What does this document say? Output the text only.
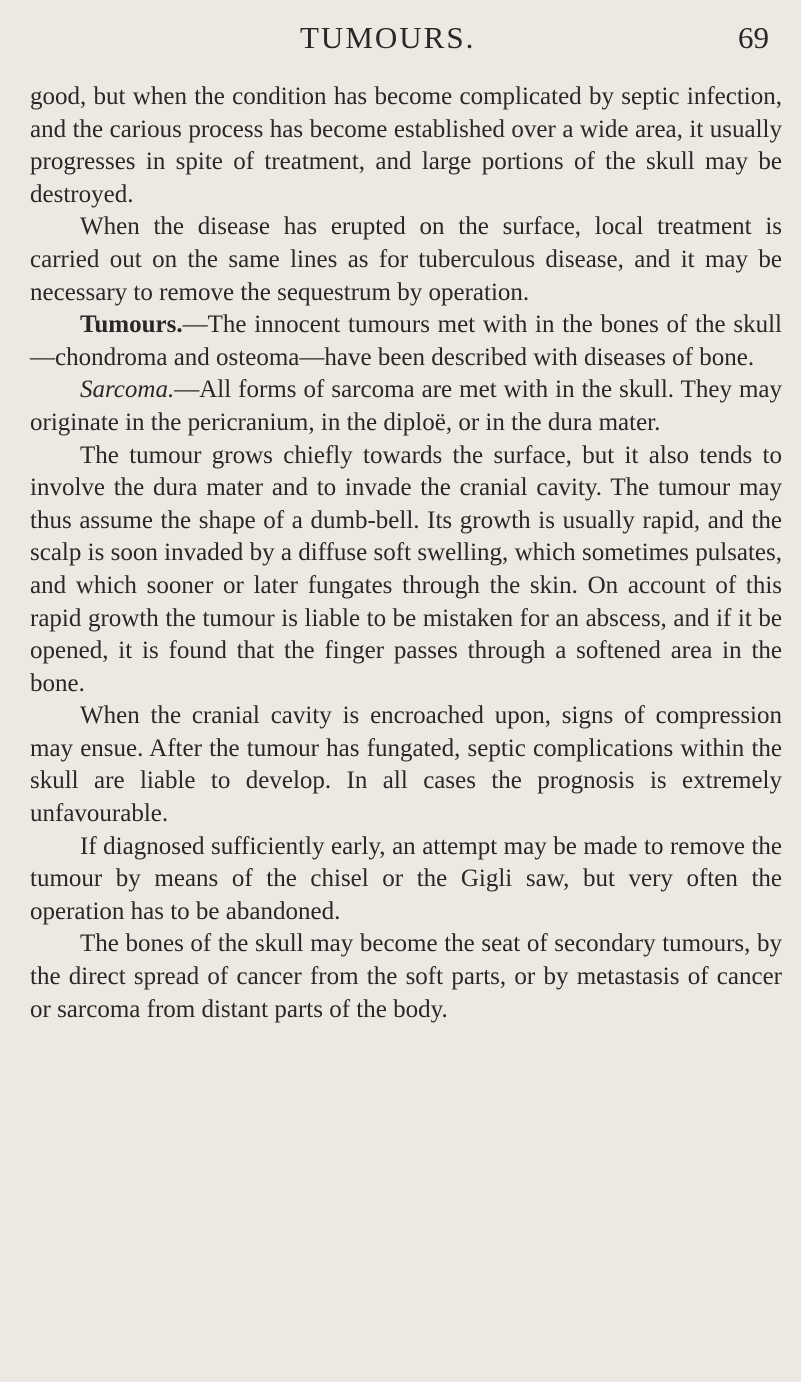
TUMOURS.	69

good, but when the condition has become complicated by septic infection, and the carious process has become established over a wide area, it usually progresses in spite of treatment, and large portions of the skull may be destroyed.

When the disease has erupted on the surface, local treatment is carried out on the same lines as for tuberculous disease, and it may be necessary to remove the sequestrum by operation.

Tumours.—The innocent tumours met with in the bones of the skull—chondroma and osteoma—have been described with diseases of bone.

Sarcoma.—All forms of sarcoma are met with in the skull. They may originate in the pericranium, in the diploë, or in the dura mater.

The tumour grows chiefly towards the surface, but it also tends to involve the dura mater and to invade the cranial cavity. The tumour may thus assume the shape of a dumb-bell. Its growth is usually rapid, and the scalp is soon invaded by a diffuse soft swelling, which sometimes pulsates, and which sooner or later fungates through the skin. On account of this rapid growth the tumour is liable to be mistaken for an abscess, and if it be opened, it is found that the finger passes through a softened area in the bone.

When the cranial cavity is encroached upon, signs of compression may ensue. After the tumour has fungated, septic complications within the skull are liable to develop. In all cases the prognosis is extremely unfavourable.

If diagnosed sufficiently early, an attempt may be made to remove the tumour by means of the chisel or the Gigli saw, but very often the operation has to be abandoned.

The bones of the skull may become the seat of secondary tumours, by the direct spread of cancer from the soft parts, or by metastasis of cancer or sarcoma from distant parts of the body.
